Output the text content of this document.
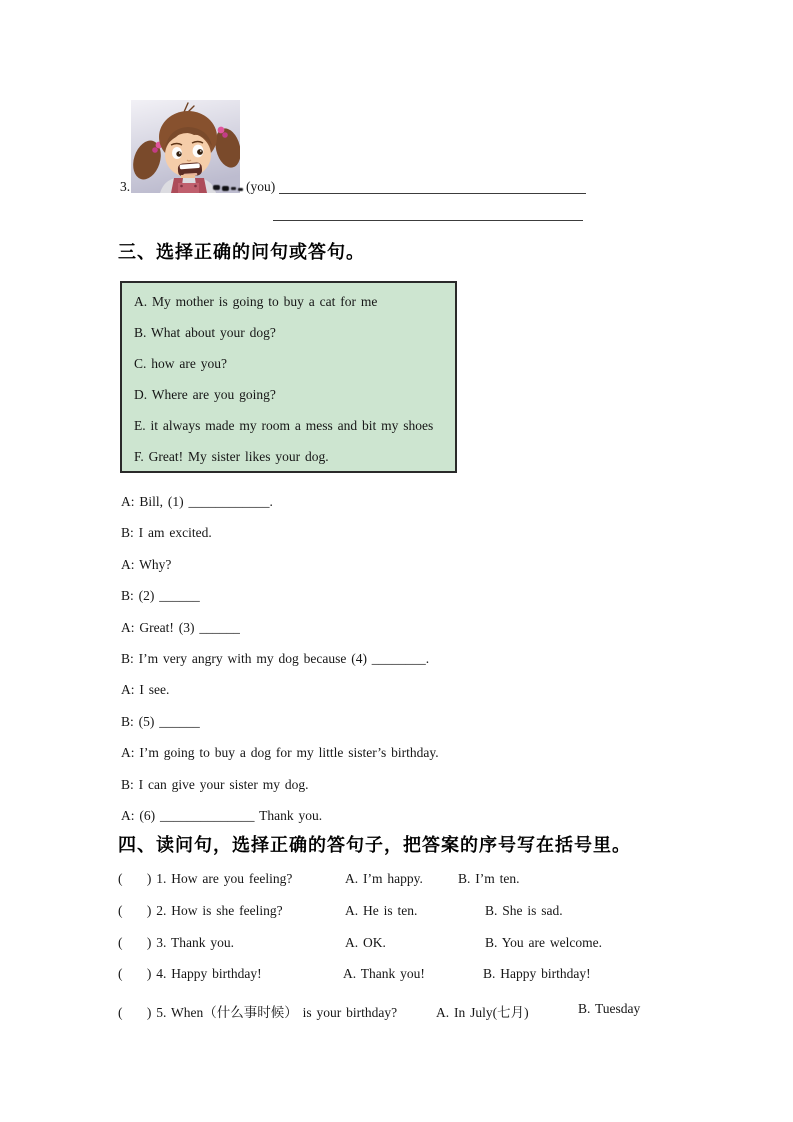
3.	(you)
三、选择正确的问句或答句。
A. My mother is going to buy a cat for me
B. What about your dog?
C. how are you?
D. Where are you going?
E. it always made my room a mess and bit my shoes
F. Great! My sister likes your dog.
A: Bill, (1) ____________.
B: I am excited.
A: Why?
B: (2) ______
A: Great! (3) ______
B: I’m very angry with my dog because (4) ________.
A: I see.
B: (5) ______
A: I’m going to buy a dog for my little sister’s birthday.
B: I can give your sister my dog.
A: (6) ______________ Thank you.
四、读问句，选择正确的答句子，把答案的序号写在括号里。
(     ) 1. How are you feeling?	A. I’m happy.	B. I’m ten.
(     ) 2. How is she feeling?	A. He is ten.	B. She is sad.
(     ) 3. Thank you.	A. OK.	B. You are welcome.
(     ) 4. Happy birthday!	A. Thank you!	B. Happy birthday!
(     ) 5. When（什么事时候） is your birthday?	A. In July(七月)	B. Tuesday
